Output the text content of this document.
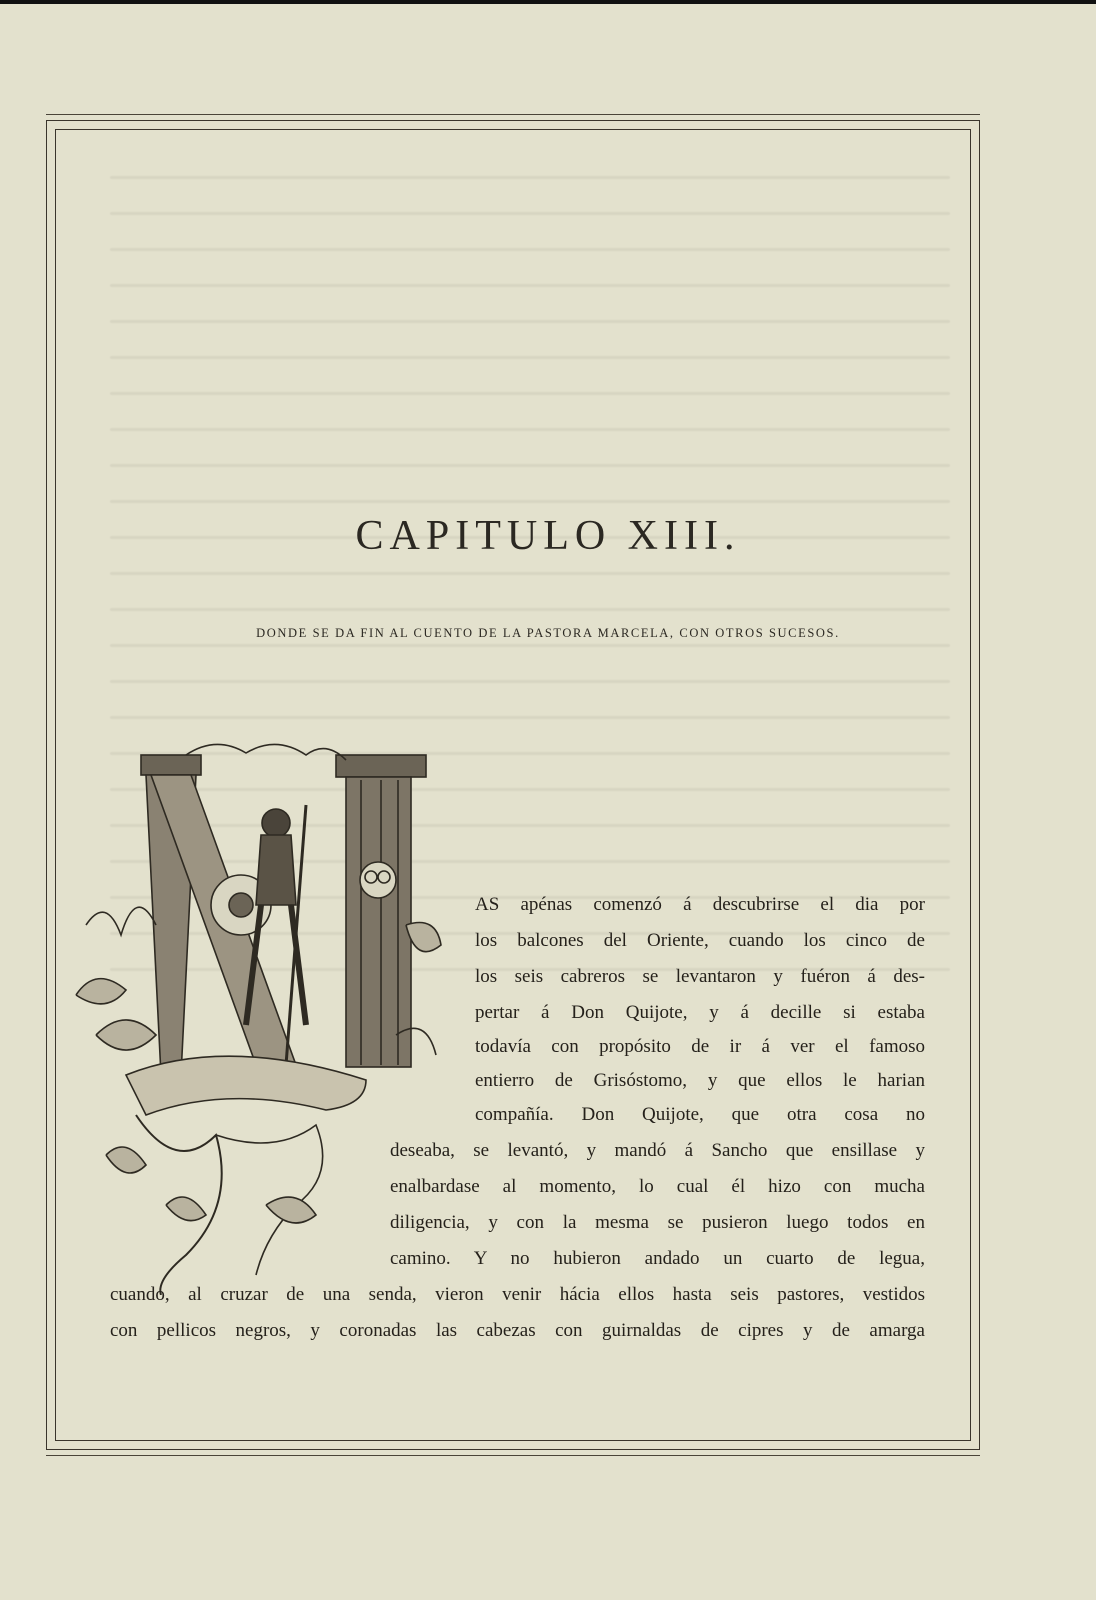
CAPITULO XIII.
DONDE SE DA FIN AL CUENTO DE LA PASTORA MARCELA, CON OTROS SUCESOS.
AS apénas comenzó á descubrirse el dia por
los balcones del Oriente, cuando los cinco de
los seis cabreros se levantaron y fuéron á des-
pertar á Don Quijote, y á decille si estaba
todavía con propósito de ir á ver el famoso
entierro de Grisóstomo, y que ellos le harian
compañía. Don Quijote, que otra cosa no
deseaba, se levantó, y mandó á Sancho que ensillase y
enalbardase al momento, lo cual él hizo con mucha
diligencia, y con la mesma se pusieron luego todos en
camino. Y no hubieron andado un cuarto de legua,
cuando, al cruzar de una senda, vieron venir hácia ellos hasta seis pastores, vestidos
con pellicos negros, y coronadas las cabezas con guirnaldas de cipres y de amarga
